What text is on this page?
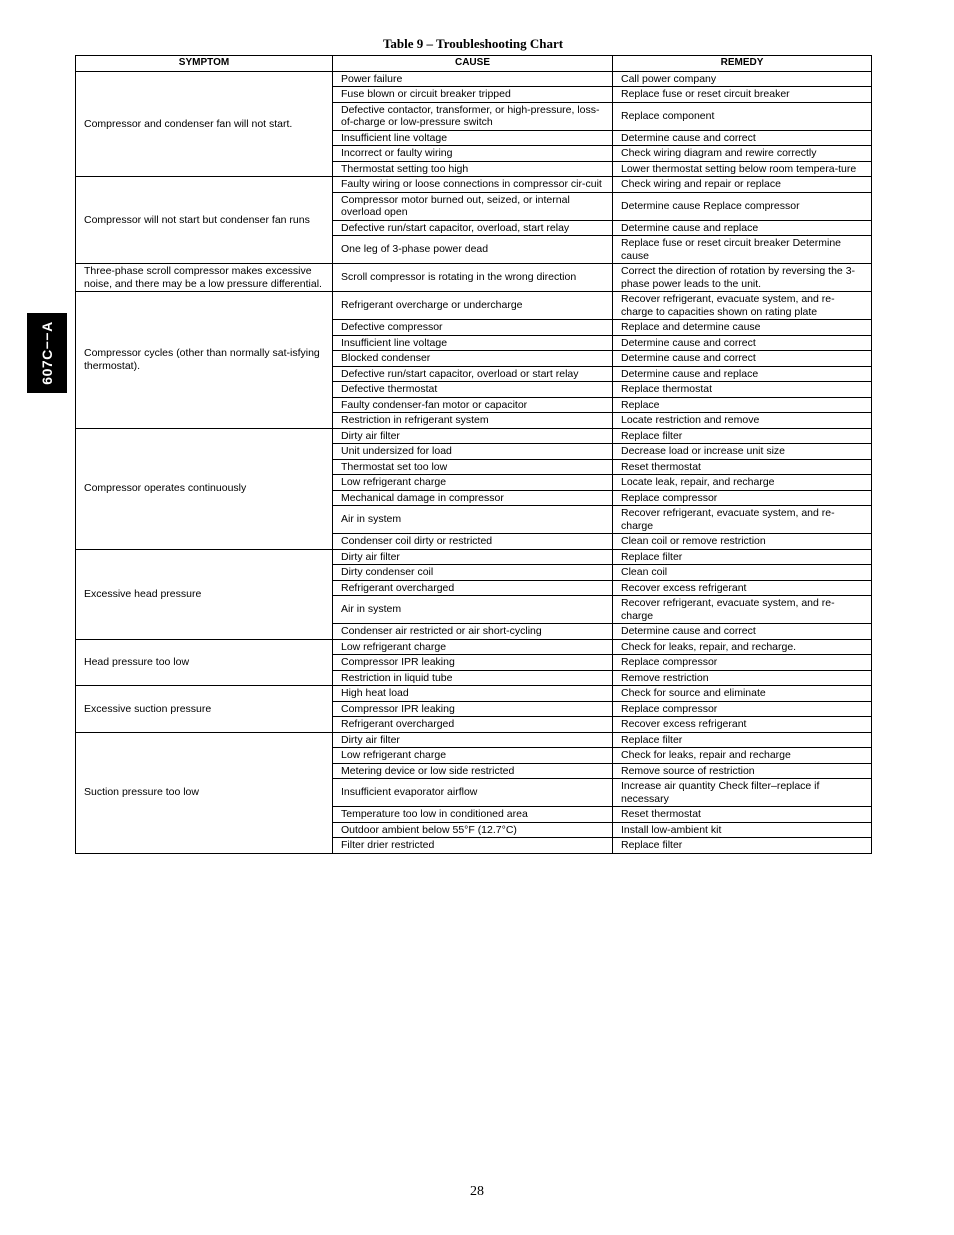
Table 9 – Troubleshooting Chart
607C−−A
SYMPTOM	CAUSE	REMEDY
Compressor and condenser fan will not start.	Power failure	Call power company
	Fuse blown or circuit breaker tripped	Replace fuse or reset circuit breaker
	Defective contactor, transformer, or high‐pressure, loss‐of‐charge or low‐pressure switch	Replace component
	Insufficient line voltage	Determine cause and correct
	Incorrect or faulty wiring	Check wiring diagram and rewire correctly
	Thermostat setting too high	Lower thermostat setting below room tempera-ture
Compressor will not start but condenser fan runs	Faulty wiring or loose connections in compressor cir-cuit	Check wiring and repair or replace
	Compressor motor burned out, seized, or internal overload open	Determine cause Replace compressor
	Defective run/start capacitor, overload, start relay	Determine cause and replace
	One leg of 3‐phase power dead	Replace fuse or reset circuit breaker Determine cause
Three‐phase scroll compressor makes excessive noise, and there may be a low pressure differential.	Scroll compressor is rotating in the wrong direction	Correct the direction of rotation by reversing the 3‐phase power leads to the unit.
Compressor cycles (other than normally sat-isfying thermostat).	Refrigerant overcharge or undercharge	Recover refrigerant, evacuate system, and re-charge to capacities shown on rating plate
	Defective compressor	Replace and determine cause
	Insufficient line voltage	Determine cause and correct
	Blocked condenser	Determine cause and correct
	Defective run/start capacitor, overload or start relay	Determine cause and replace
	Defective thermostat	Replace thermostat
	Faulty condenser‐fan motor or capacitor	Replace
	Restriction in refrigerant system	Locate restriction and remove
Compressor operates continuously	Dirty air filter	Replace filter
	Unit undersized for load	Decrease load or increase unit size
	Thermostat set too low	Reset thermostat
	Low refrigerant charge	Locate leak, repair, and recharge
	Mechanical damage in compressor	Replace compressor
	Air in system	Recover refrigerant, evacuate system, and re-charge
	Condenser coil dirty or restricted	Clean coil or remove restriction
Excessive head pressure	Dirty air filter	Replace filter
	Dirty condenser coil	Clean coil
	Refrigerant overcharged	Recover excess refrigerant
	Air in system	Recover refrigerant, evacuate system, and re-charge
	Condenser air restricted or air short‐cycling	Determine cause and correct
Head pressure too low	Low refrigerant charge	Check for leaks, repair, and recharge.
	Compressor IPR leaking	Replace compressor
	Restriction in liquid tube	Remove restriction
Excessive suction pressure	High heat load	Check for source and eliminate
	Compressor IPR leaking	Replace compressor
	Refrigerant overcharged	Recover excess refrigerant
Suction pressure too low	Dirty air filter	Replace filter
	Low refrigerant charge	Check for leaks, repair and recharge
	Metering device or low side restricted	Remove source of restriction
	Insufficient evaporator airflow	Increase air quantity Check filter–replace if necessary
	Temperature too low in conditioned area	Reset thermostat
	Outdoor ambient below 55°F (12.7°C)	Install low‐ambient kit
	Filter drier restricted	Replace filter
28
